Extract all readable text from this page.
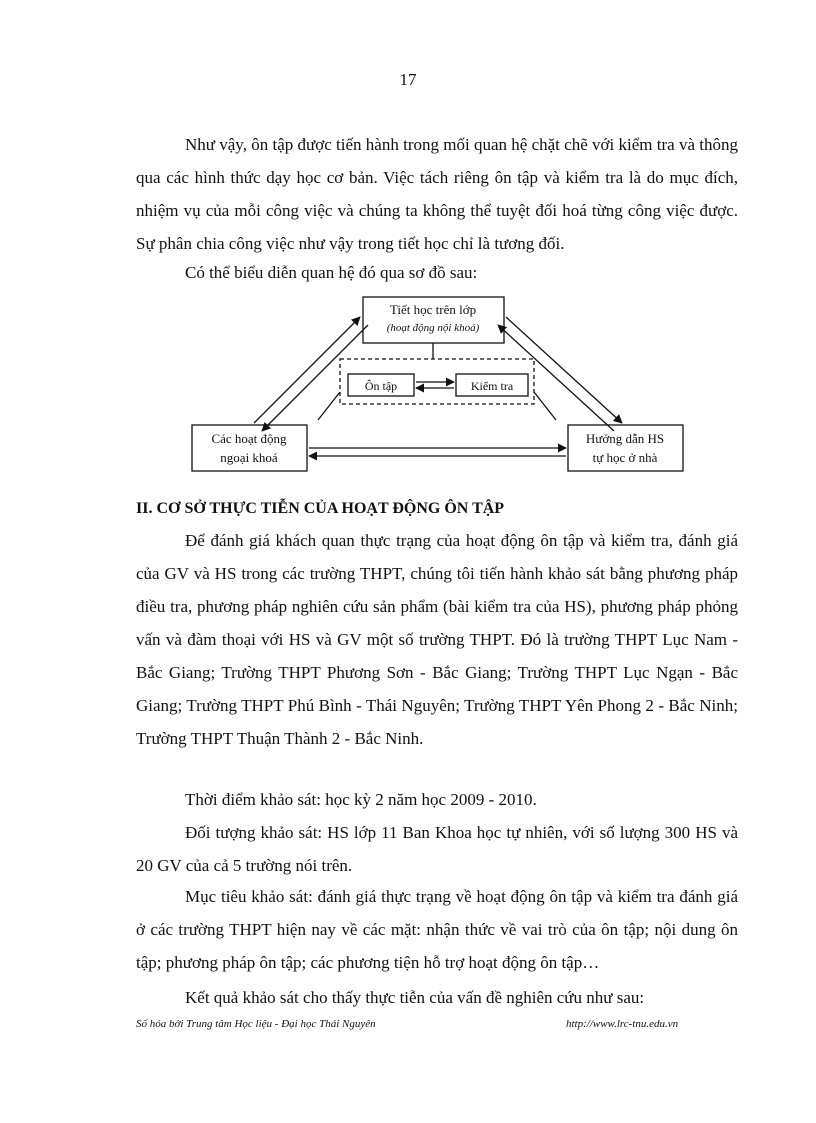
17

Như vậy, ôn tập được tiến hành trong mối quan hệ chặt chẽ với kiểm tra và thông qua các hình thức dạy học cơ bản. Việc tách riêng ôn tập và kiểm tra là do mục đích, nhiệm vụ của mỗi công việc và chúng ta không thể tuyệt đối hoá từng công việc được. Sự phân chia công việc như vậy trong tiết học chỉ là tương đối.

Có thể biểu diễn quan hệ đó qua sơ đồ sau:

Tiết học trên lớp
(hoạt động nội khoá)
Ôn tập	Kiểm tra
Các hoạt động
ngoại khoá
Hướng dẫn HS
tự học ở nhà
II. CƠ SỞ THỰC TIỄN CỦA HOẠT ĐỘNG ÔN TẬP

Để đánh giá khách quan thực trạng của hoạt động ôn tập và kiểm tra, đánh giá của GV và HS trong các trường THPT, chúng tôi tiến hành khảo sát bằng phương pháp điều tra, phương pháp nghiên cứu sản phẩm (bài kiểm tra của HS), phương pháp phỏng vấn và đàm thoại với HS và GV một số trường THPT. Đó là trường THPT Lục Nam - Bắc Giang; Trường THPT Phương Sơn - Bắc Giang; Trường THPT Lục Ngạn - Bắc Giang; Trường THPT Phú Bình - Thái Nguyên; Trường THPT Yên Phong 2 - Bắc Ninh; Trường THPT Thuận Thành 2 - Bắc Ninh.

Thời điểm khảo sát: học kỳ 2 năm học 2009 - 2010.

Đối tượng khảo sát: HS lớp 11 Ban Khoa học tự nhiên, với số lượng 300 HS và 20 GV của cả 5 trường nói trên.

Mục tiêu khảo sát: đánh giá thực trạng về hoạt động ôn tập và kiểm tra đánh giá ở các trường THPT hiện nay về các mặt: nhận thức về vai trò của ôn tập; nội dung ôn tập; phương pháp ôn tập; các phương tiện hỗ trợ hoạt động ôn tập…

Kết quả khảo sát cho thấy thực tiễn của vấn đề nghiên cứu như sau:

Số hóa bởi Trung tâm Học liệu - Đại học Thái Nguyên	http://www.lrc-tnu.edu.vn
